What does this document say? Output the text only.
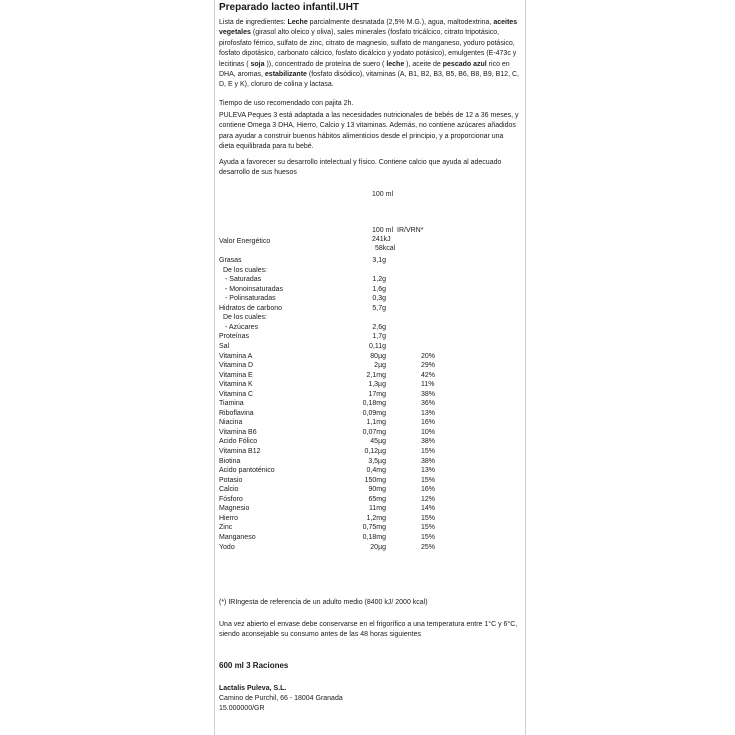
Preparado lacteo infantil.UHT
Lista de ingredientes: Leche parcialmente desnatada (2,5% M.G.), agua, maltodextrina, aceites vegetales (girasol alto oleico y oliva), sales minerales (fosfato tricálcico, citrato tripotásico, pirofosfato férrico, sulfato de zinc, citrato de magnesio, sulfato de manganeso, yoduro potásico, fosfato dipotásico, carbonato cálcico, fosfato dicálcico y yodato potásico), emulgentes (E-473c y lecitinas ( soja )), concentrado de proteína de suero ( leche ), aceite de pescado azul rico en DHA, aromas, estabilizante (fosfato disódico), vitaminas (A, B1, B2, B3, B5, B6, B8, B9, B12, C, D, E y K), cloruro de colina y lactasa.
Tiempo de uso recomendado con pajita 2h.
PULEVA Peques 3 está adaptada a las necesidades nutricionales de bebés de 12 a 36 meses, y contiene Omega 3 DHA, Hierro, Calcio y 13 vitaminas. Además, no contiene azúcares añadidos para ayudar a construir buenos hábitos alimenticios desde el principio, y a proporcionar una dieta equilibrada para tu bebé.
Ayuda a favorecer su desarrollo intelectual y físico. Contiene calcio que ayuda al adecuado desarrollo de sus huesos
100 ml
100 ml IR/VRN*
Valor Energético	241kJ
58kcal
Grasas	3,1g
De los cuales:
- Saturadas	1,2g
- Monoinsaturadas	1,6g
- Polinsaturadas	0,3g
Hidratos de carbono	5,7g
De los cuales:
- Azúcares	2,6g
Proteínas	1,7g
Sal	0,11g
Vitamina A	80µg	20%
Vitamina D	2µg	29%
Vitamina E	2,1mg	42%
Vitamina K	1,3µg	11%
Vitamina C	17mg	38%
Tiamina	0,18mg	36%
Riboflavina	0,09mg	13%
Niacina	1,1mg	16%
Vitamina B6	0,07mg	10%
Acido Fólico	45µg	38%
Vitamina B12	0,12µg	15%
Biotina	3,5µg	38%
Acido pantoténico	0,4mg	13%
Potasio	150mg	15%
Calcio	90mg	16%
Fósforo	65mg	12%
Magnesio	11mg	14%
Hierro	1,2mg	15%
Zinc	0,75mg	15%
Manganeso	0,18mg	15%
Yodo	20µg	25%
(*) IRIngesta de referencia de un adulto medio (8400 kJ/ 2000 kcal)
Una vez abierto el envase debe conservarse en el frigorífico a una temperatura entre 1°C y 6°C, siendo aconsejable su consumo antes de las 48 horas siguientes
600 ml 3 Raciones
Lactalis Puleva, S.L.
Camino de Purchil, 66 - 18004 Granada
15.000000/GR
